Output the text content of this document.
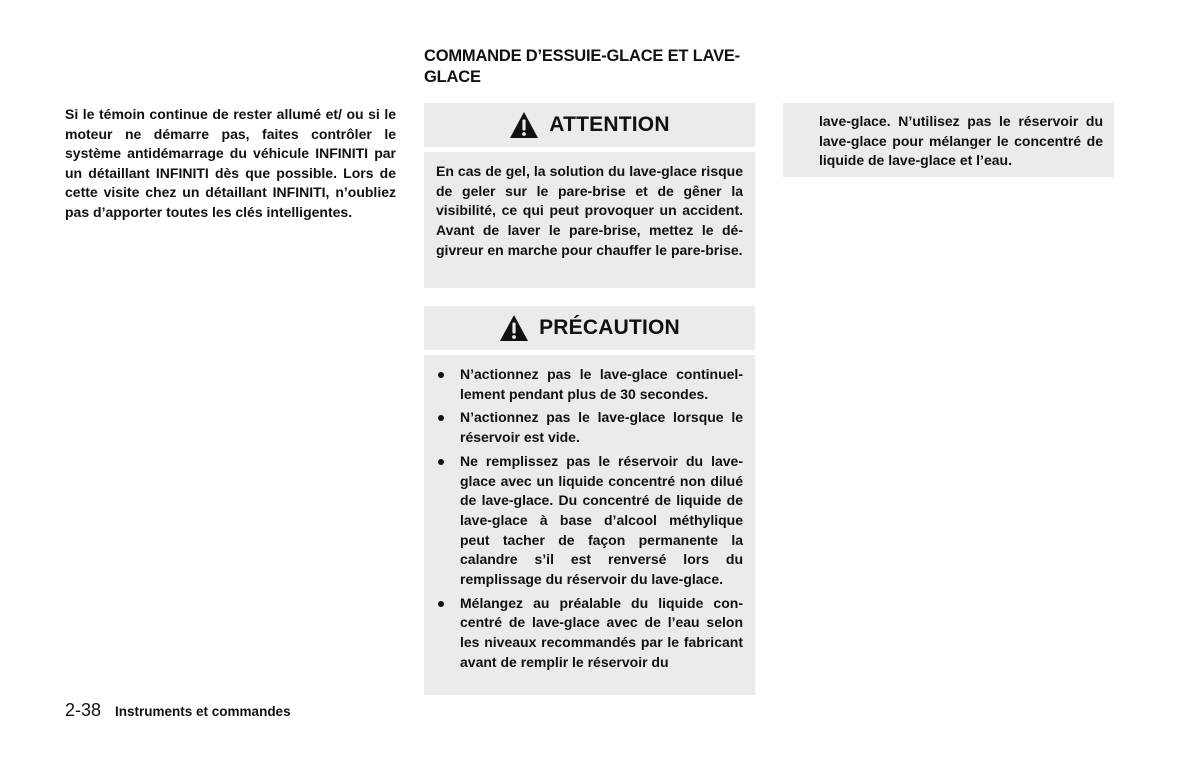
Si le témoin continue de rester allumé et/ ou si le moteur ne démarre pas, faites contrôler le système antidémarrage du véhicule INFINITI par un détaillant INFINITI dès que possible. Lors de cette visite chez un détaillant INFINITI, n’oubliez pas d’apporter toutes les clés intelligentes.

COMMANDE D’ESSUIE-GLACE ET LAVE-GLACE
ATTENTION
En cas de gel, la solution du lave-glace risque de geler sur le pare-brise et de gêner la visibilité, ce qui peut provoquer un accident. Avant de laver le pare-brise, mettez le dégivreur en marche pour chauffer le pare-brise.
PRÉCAUTION
N’actionnez pas le lave-glace continuellement pendant plus de 30 secondes.
N’actionnez pas le lave-glace lorsque le réservoir est vide.
Ne remplissez pas le réservoir du lave-glace avec un liquide concentré non dilué de lave-glace. Du concentré de liquide de lave-glace à base d’alcool méthylique peut tacher de façon permanente la calandre s’il est renversé lors du remplissage du réservoir du lave-glace.
Mélangez au préalable du liquide concentré de lave-glace avec de l’eau selon les niveaux recommandés par le fabricant avant de remplir le réservoir du
lave-glace. N’utilisez pas le réservoir du lave-glace pour mélanger le concentré de liquide de lave-glace et l’eau.
2-38 Instruments et commandes
